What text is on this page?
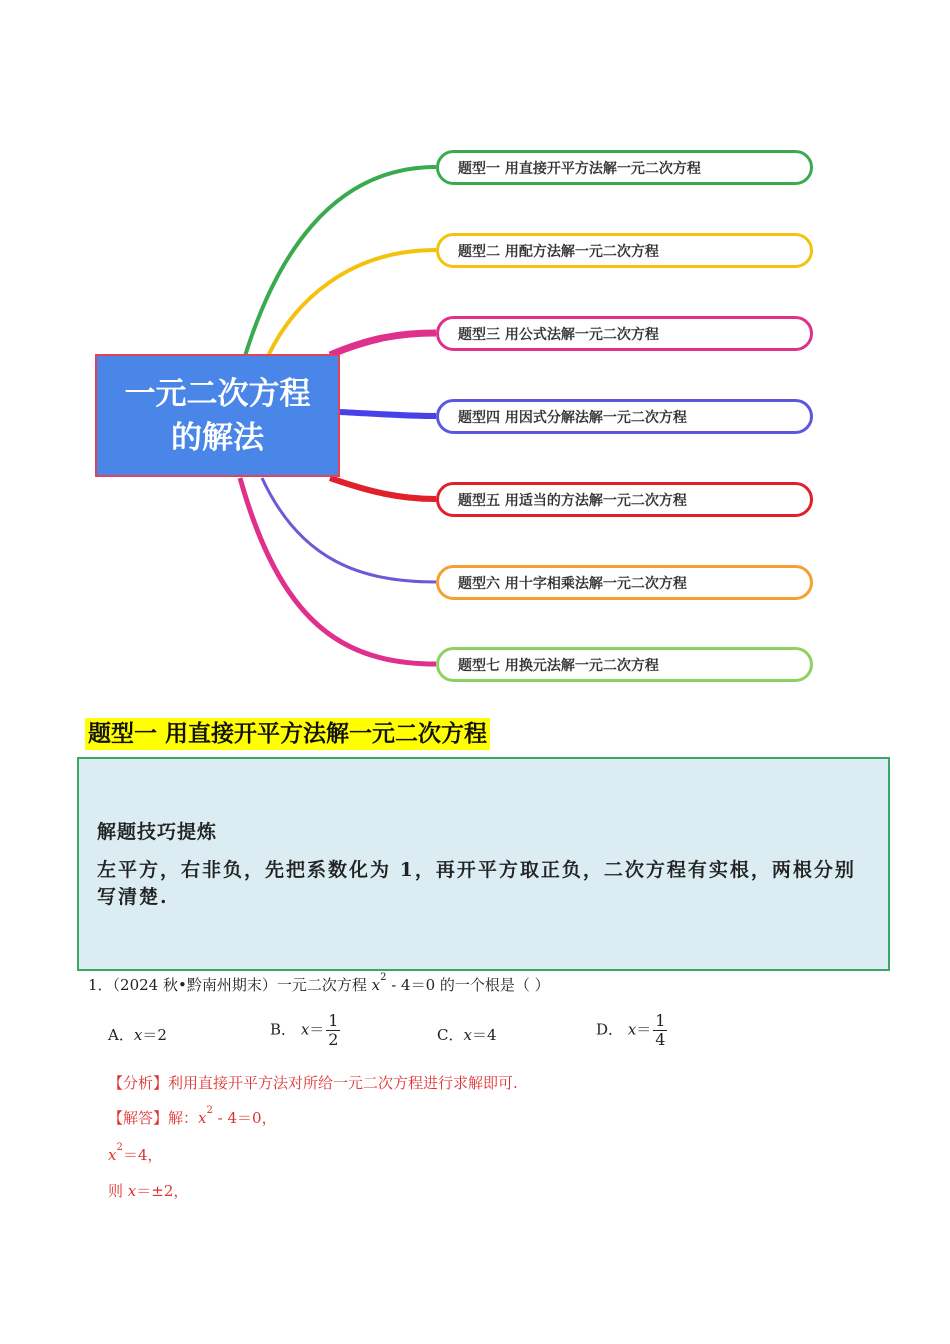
一元二次方程的解法
题型一 用直接开平方法解一元二次方程
题型二 用配方法解一元二次方程
题型三 用公式法解一元二次方程
题型四 用因式分解法解一元二次方程
题型五 用适当的方法解一元二次方程
题型六 用十字相乘法解一元二次方程
题型七 用换元法解一元二次方程
题型一 用直接开平方法解一元二次方程
解题技巧提炼
左平方，右非负，先把系数化为 1，再开平方取正负，二次方程有实根，两根分别写清楚.
1．（2024 秋•黔南州期末）一元二次方程 $x^2 - 4=0$ 的一个根是（ ）
A．x＝2	B． $x= \frac{1}{2}$	C．x＝4	D． $x= \frac{1}{4}$
【分析】利用直接开平方法对所给一元二次方程进行求解即可.
【解答】解：$x^2 - 4=0$，
$x^2=4$，
则 x＝±2，
